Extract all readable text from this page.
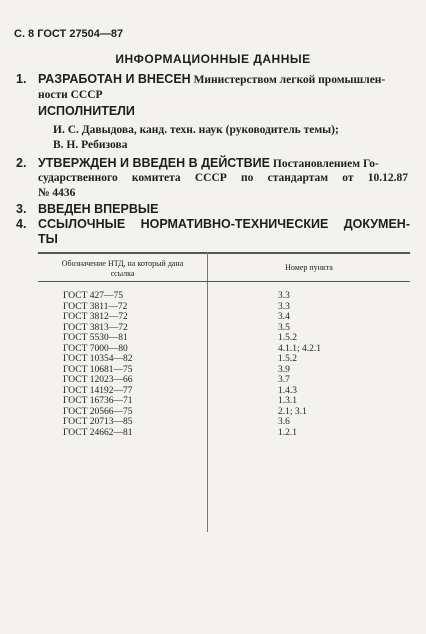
С. 8 ГОСТ 27504—87
ИНФОРМАЦИОННЫЕ ДАННЫЕ
1. РАЗРАБОТАН И ВНЕСЕН Министерством легкой промышлен-
ности СССР
ИСПОЛНИТЕЛИ
И. С. Давыдова, канд. техн. наук (руководитель темы);
В. Н. Ребизова
2. УТВЕРЖДЕН И ВВЕДЕН В ДЕЙСТВИЕ Постановлением Го-
сударственного комитета СССР по стандартам от 10.12.87
№ 4436
3. ВВЕДЕН ВПЕРВЫЕ
4. ССЫЛОЧНЫЕ НОРМАТИВНО-ТЕХНИЧЕСКИЕ ДОКУМЕН-
ТЫ
Обозначение НТД, на который дана
ссылка
Номер пункта
ГОСТ 427—75
ГОСТ 3811—72
ГОСТ 3812—72
ГОСТ 3813—72
ГОСТ 5530—81
ГОСТ 7000—80
ГОСТ 10354—82
ГОСТ 10681—75
ГОСТ 12023—66
ГОСТ 14192—77
ГОСТ 16736—71
ГОСТ 20566—75
ГОСТ 20713—85
ГОСТ 24662—81
3.3
3.3
3.4
3.5
1.5.2
4.1.1; 4.2.1
1.5.2
3.9
3.7
1.4.3
1.3.1
2.1; 3.1
3.6
1.2.1
